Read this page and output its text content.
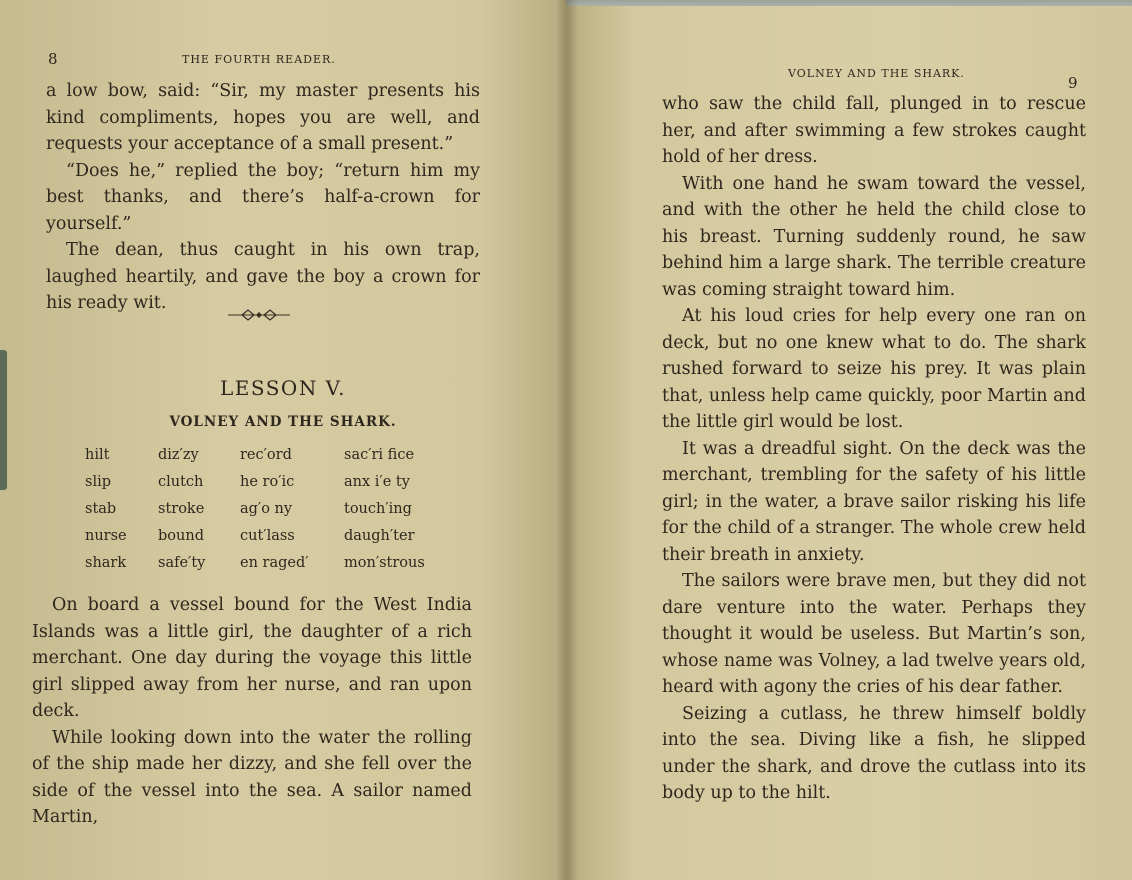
8	THE FOURTH READER.

a low bow, said: “Sir, my master presents his kind compliments, hopes you are well, and requests your acceptance of a small present.”

“Does he,” replied the boy; “return him my best thanks, and there’s half-a-crown for yourself.”

The dean, thus caught in his own trap, laughed heartily, and gave the boy a crown for his ready wit.

LESSON V.
VOLNEY AND THE SHARK.
hilt
slip
stab
nurse
shark
diz′zy
clutch
stroke
bound
safe′ty
rec′ord
he ro′ic
ag′o ny
cut′lass
en raged′
sac′ri fice
anx i′e ty
touch′ing
daugh′ter
mon′strous

On board a vessel bound for the West India Islands was a little girl, the daughter of a rich merchant. One day during the voyage this little girl slipped away from her nurse, and ran upon deck.

While looking down into the water the rolling of the ship made her dizzy, and she fell over the side of the vessel into the sea. A sailor named Martin,

VOLNEY AND THE SHARK.
9

who saw the child fall, plunged in to rescue her, and after swimming a few strokes caught hold of her dress.

With one hand he swam toward the vessel, and with the other he held the child close to his breast. Turning suddenly round, he saw behind him a large shark. The terrible creature was coming straight toward him.

At his loud cries for help every one ran on deck, but no one knew what to do. The shark rushed forward to seize his prey. It was plain that, unless help came quickly, poor Martin and the little girl would be lost.

It was a dreadful sight. On the deck was the merchant, trembling for the safety of his little girl; in the water, a brave sailor risking his life for the child of a stranger. The whole crew held their breath in anxiety.

The sailors were brave men, but they did not dare venture into the water. Perhaps they thought it would be useless. But Martin’s son, whose name was Volney, a lad twelve years old, heard with agony the cries of his dear father.

Seizing a cutlass, he threw himself boldly into the sea. Diving like a fish, he slipped under the shark, and drove the cutlass into its body up to the hilt.
